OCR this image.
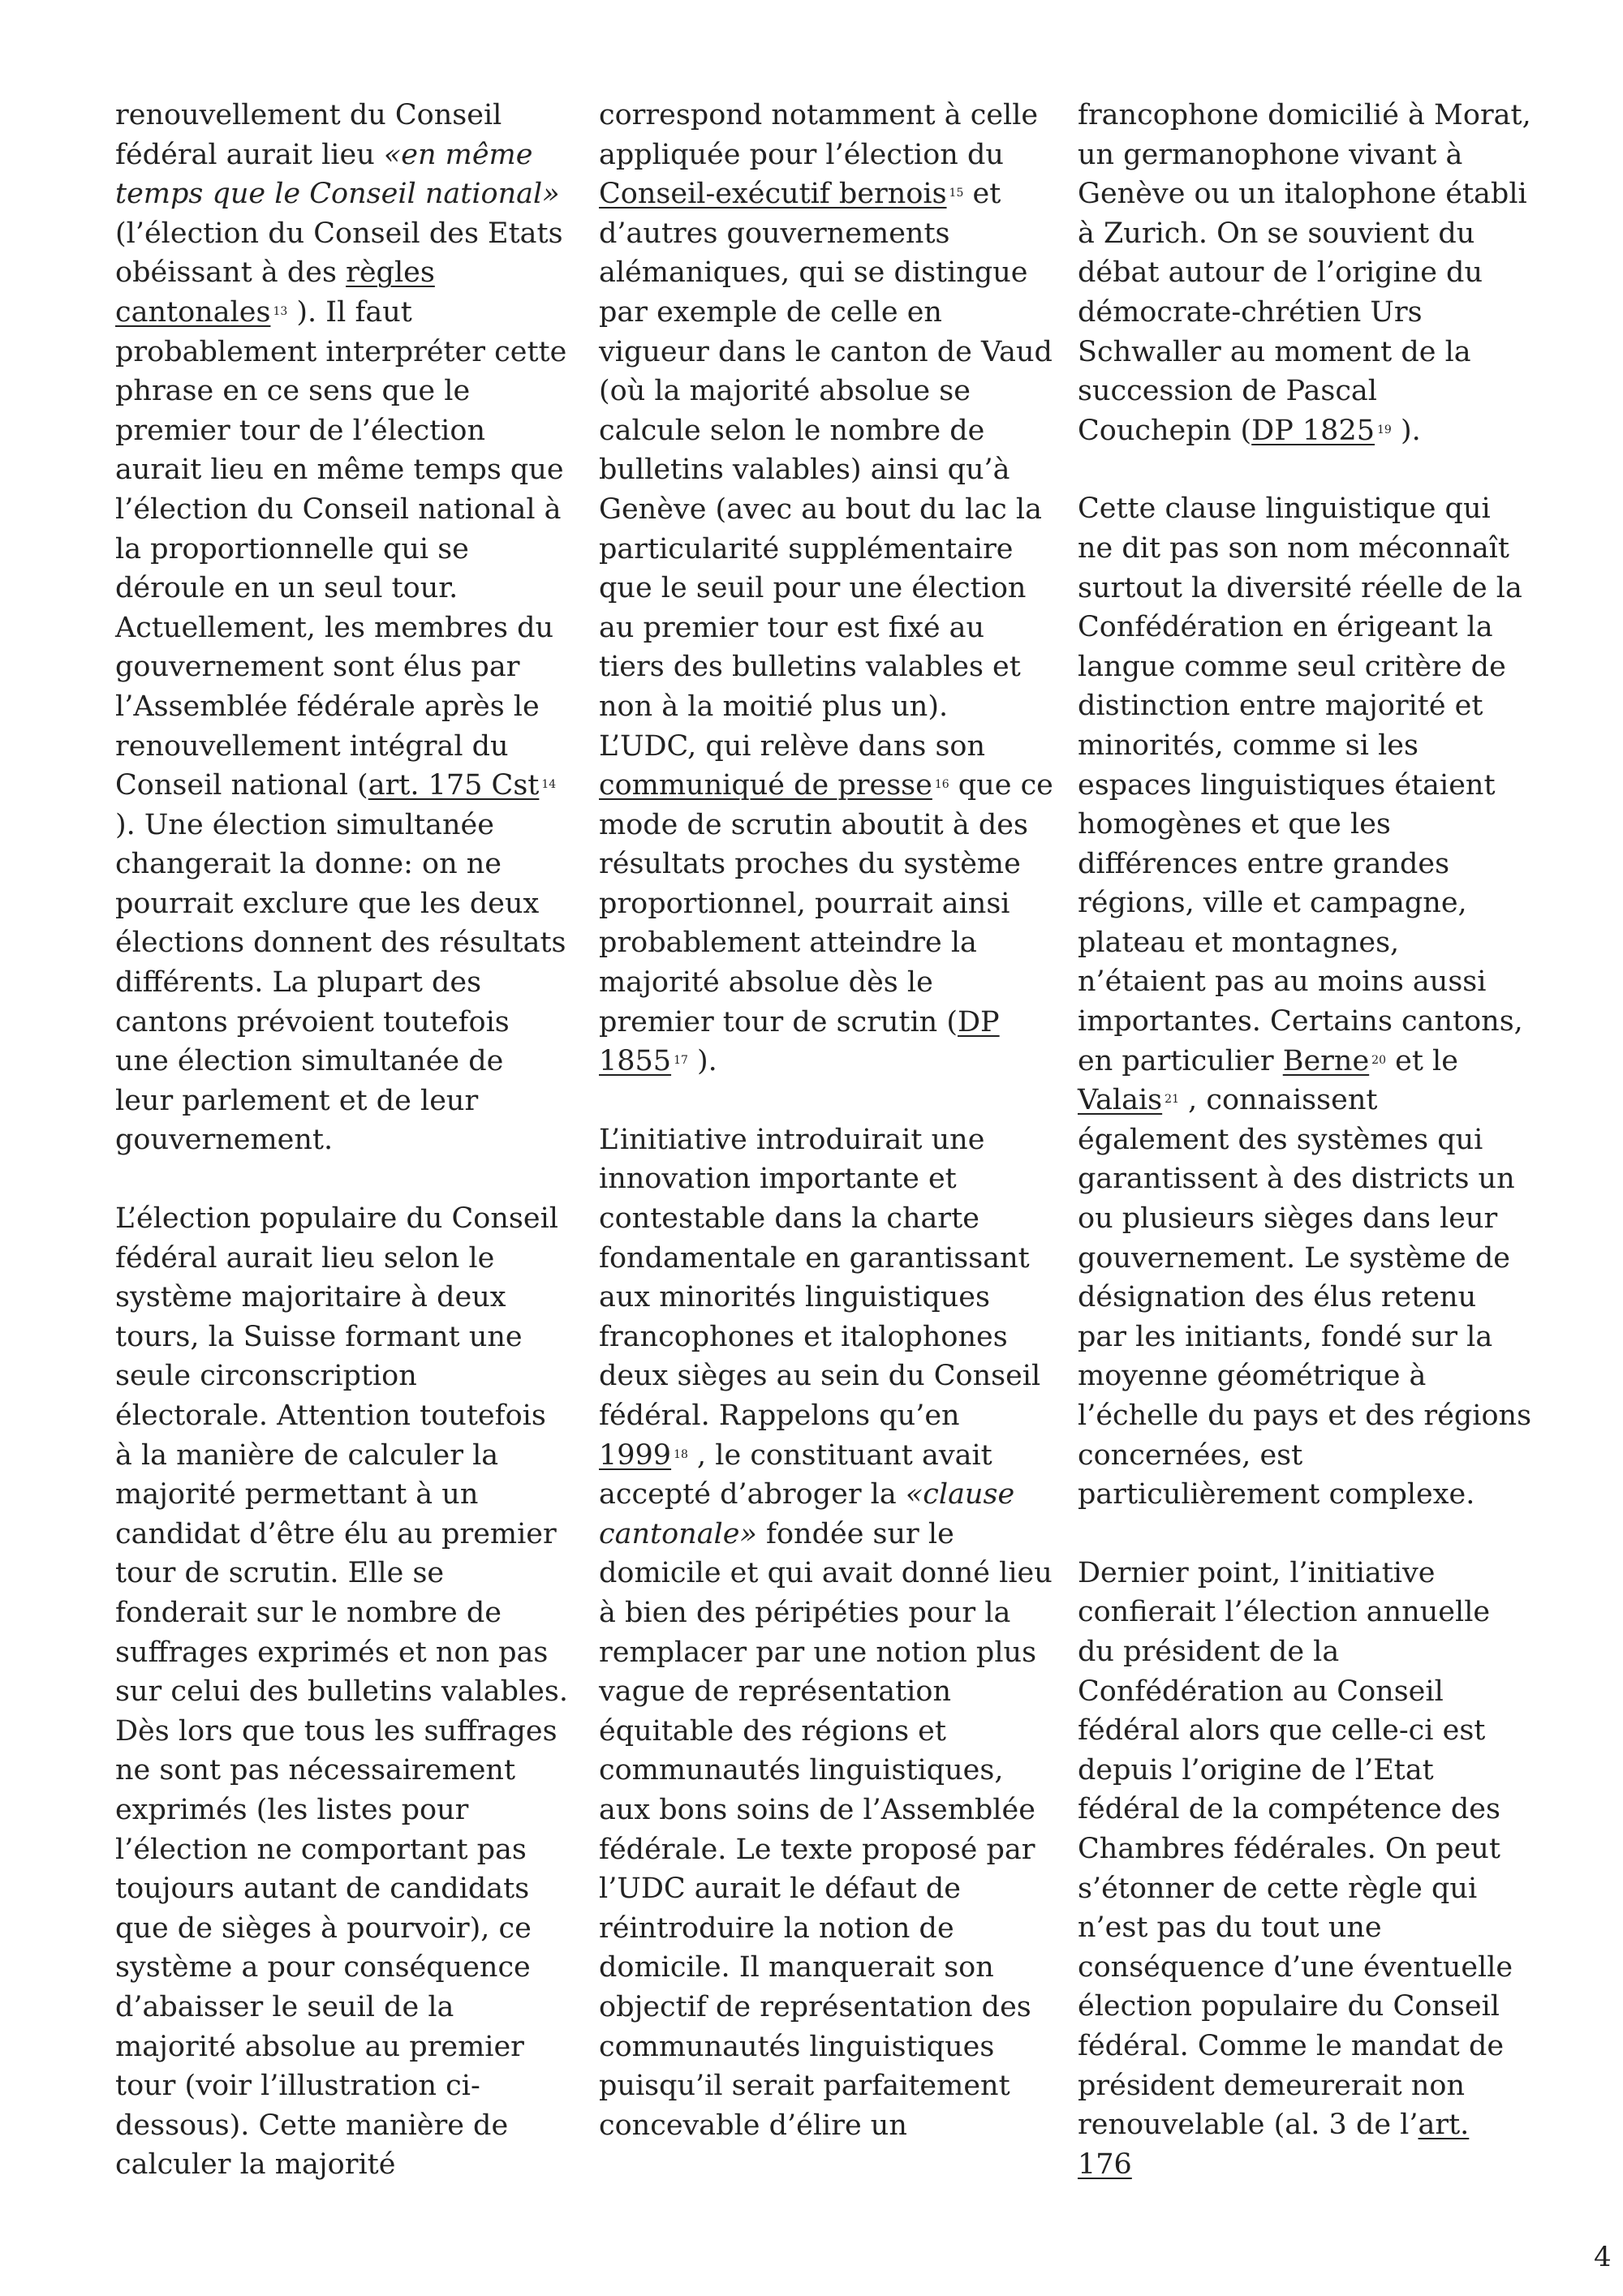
renouvellement du Conseil fédéral aurait lieu «en même temps que le Conseil national» (l’élection du Conseil des Etats obéissant à des règles cantonales $^{13}$ ). Il faut probablement interpréter cette phrase en ce sens que le premier tour de l’élection aurait lieu en même temps que l’élection du Conseil national à la proportionnelle qui se déroule en un seul tour. Actuellement, les membres du gouvernement sont élus par l’Assemblée fédérale après le renouvellement intégral du Conseil national (art. 175 Cst $^{14}$ ). Une élection simultanée changerait la donne: on ne pourrait exclure que les deux élections donnent des résultats différents. La plupart des cantons prévoient toutefois une élection simultanée de leur parlement et de leur gouvernement.

L’élection populaire du Conseil fédéral aurait lieu selon le système majoritaire à deux tours, la Suisse formant une seule circonscription électorale. Attention toutefois à la manière de calculer la majorité permettant à un candidat d’être élu au premier tour de scrutin. Elle se fonderait sur le nombre de suffrages exprimés et non pas sur celui des bulletins valables. Dès lors que tous les suffrages ne sont pas nécessairement exprimés (les listes pour l’élection ne comportant pas toujours autant de candidats que de sièges à pourvoir), ce système a pour conséquence d’abaisser le seuil de la majorité absolue au premier tour (voir l’illustration ci-dessous). Cette manière de calculer la majorité

correspond notamment à celle appliquée pour l’élection du Conseil-exécutif bernois $^{15}$ et d’autres gouvernements alémaniques, qui se distingue par exemple de celle en vigueur dans le canton de Vaud (où la majorité absolue se calcule selon le nombre de bulletins valables) ainsi qu’à Genève (avec au bout du lac la particularité supplémentaire que le seuil pour une élection au premier tour est fixé au tiers des bulletins valables et non à la moitié plus un). L’UDC, qui relève dans son communiqué de presse $^{16}$ que ce mode de scrutin aboutit à des résultats proches du système proportionnel, pourrait ainsi probablement atteindre la majorité absolue dès le premier tour de scrutin (DP 1855 $^{17}$ ).

L’initiative introduirait une innovation importante et contestable dans la charte fondamentale en garantissant aux minorités linguistiques francophones et italophones deux sièges au sein du Conseil fédéral. Rappelons qu’en 1999 $^{18}$ , le constituant avait accepté d’abroger la «clause cantonale» fondée sur le domicile et qui avait donné lieu à bien des péripéties pour la remplacer par une notion plus vague de représentation équitable des régions et communautés linguistiques, aux bons soins de l’Assemblée fédérale. Le texte proposé par l’UDC aurait le défaut de réintroduire la notion de domicile. Il manquerait son objectif de représentation des communautés linguistiques puisqu’il serait parfaitement concevable d’élire un

francophone domicilié à Morat, un germanophone vivant à Genève ou un italophone établi à Zurich. On se souvient du débat autour de l’origine du démocrate-chrétien Urs Schwaller au moment de la succession de Pascal Couchepin (DP 1825 $^{19}$ ).

Cette clause linguistique qui ne dit pas son nom méconnaît surtout la diversité réelle de la Confédération en érigeant la langue comme seul critère de distinction entre majorité et minorités, comme si les espaces linguistiques étaient homogènes et que les différences entre grandes régions, ville et campagne, plateau et montagnes, n’étaient pas au moins aussi importantes. Certains cantons, en particulier Berne $^{20}$ et le Valais $^{21}$ , connaissent également des systèmes qui garantissent à des districts un ou plusieurs sièges dans leur gouvernement. Le système de désignation des élus retenu par les initiants, fondé sur la moyenne géométrique à l’échelle du pays et des régions concernées, est particulièrement complexe.

Dernier point, l’initiative confierait l’élection annuelle du président de la Confédération au Conseil fédéral alors que celle-ci est depuis l’origine de l’Etat fédéral de la compétence des Chambres fédérales. On peut s’étonner de cette règle qui n’est pas du tout une conséquence d’une éventuelle élection populaire du Conseil fédéral. Comme le mandat de président demeurerait non renouvelable (al. 3 de l’art. 176

4
